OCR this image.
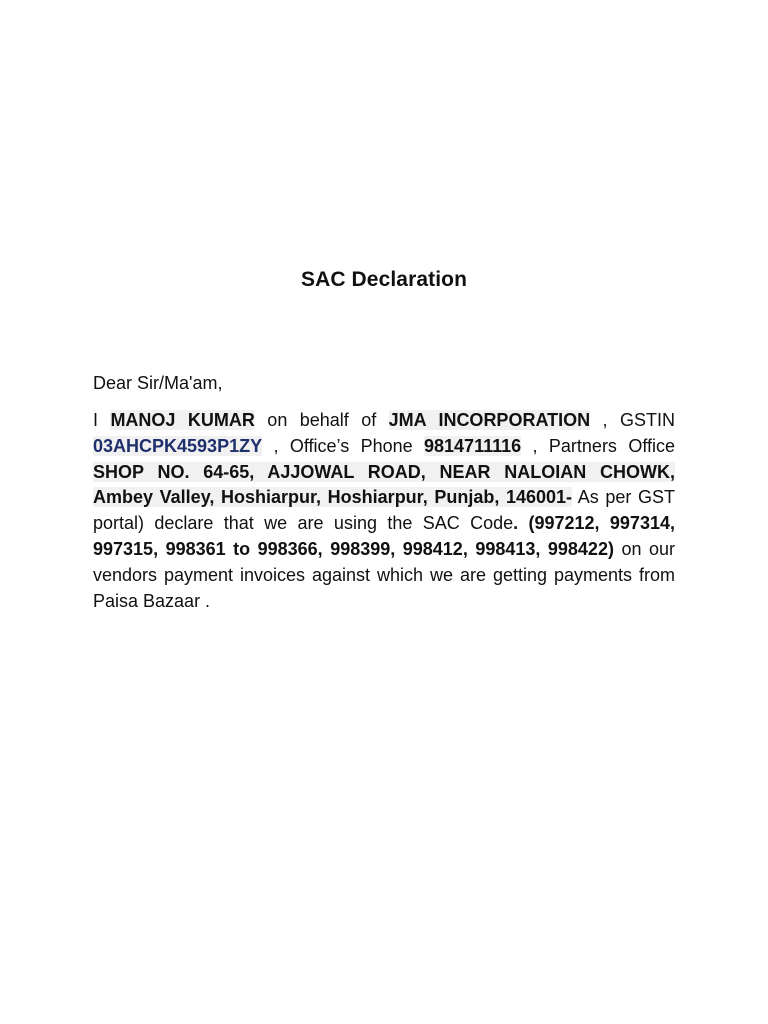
SAC Declaration
Dear Sir/Ma'am,
I MANOJ KUMAR on behalf of JMA INCORPORATION , GSTIN 03AHCPK4593P1ZY , Office’s Phone 9814711116 , Partners Office SHOP NO. 64-65, AJJOWAL ROAD, NEAR NALOIAN CHOWK, Ambey Valley, Hoshiarpur, Hoshiarpur, Punjab, 146001- As per GST portal) declare that we are using the SAC Code. (997212, 997314, 997315, 998361 to 998366, 998399, 998412, 998413, 998422) on our vendors payment invoices against which we are getting payments from Paisa Bazaar .
